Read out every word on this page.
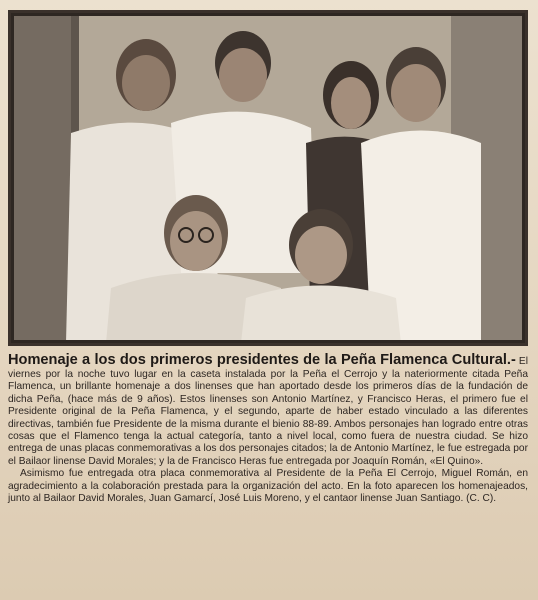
Homenaje a los dos primeros presidentes de la Peña Flamenca Cultural.- El viernes por la noche tuvo lugar en la caseta instalada por la Peña el Cerrojo y la nateriormente citada Peña Flamenca, un brillante homenaje a dos linenses que han aportado desde los primeros días de la fundación de dicha Peña, (hace más de 9 años). Estos linenses son Antonio Martínez, y Francisco Heras, el primero fue el Presidente original de la Peña Flamenca, y el segundo, aparte de haber estado vinculado a las diferentes directivas, también fue Presidente de la misma durante el bienio 88-89. Ambos personajes han logrado entre otras cosas que el Flamenco tenga la actual categoría, tanto a nivel local, como fuera de nuestra ciudad. Se hizo entrega de unas placas conmemorativas a los dos personajes citados; la de Antonio Martínez, le fue estregada por el Bailaor linense David Morales; y la de Francisco Heras fue entregada por Joaquín Román, «El Quino».

Asimismo fue entregada otra placa conmemorativa al Presidente de la Peña El Cerrojo, Miguel Román, en agradecimiento a la colaboración prestada para la organización del acto. En la foto aparecen los homenajeados, junto al Bailaor David Morales, Juan Gamarcí, José Luis Moreno, y el cantaor linense Juan Santiago. (C. C).
